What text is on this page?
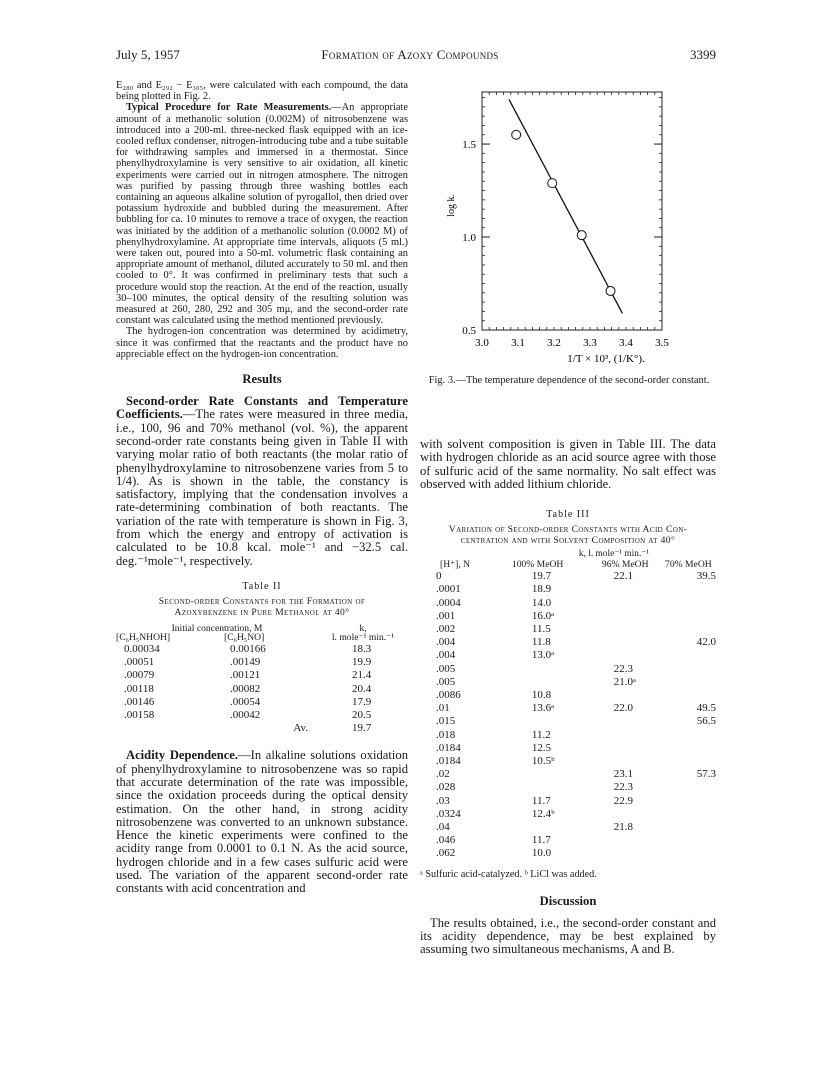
July 5, 1957	Formation of Azoxy Compounds	3399

E₂₈₀ and E₂₉₂ − E₃₀₅, were calculated with each compound, the data being plotted in Fig. 2.

Typical Procedure for Rate Measurements.—An appropriate amount of a methanolic solution (0.002M) of nitrosobenzene was introduced into a 200-ml. three-necked flask equipped with an ice-cooled reflux condenser, nitrogen-introducing tube and a tube suitable for withdrawing samples and immersed in a thermostat. Since phenylhydroxylamine is very sensitive to air oxidation, all kinetic experiments were carried out in nitrogen atmosphere. The nitrogen was purified by passing through three washing bottles each containing an aqueous alkaline solution of pyrogallol, then dried over potassium hydroxide and bubbled during the measurement. After bubbling for ca. 10 minutes to remove a trace of oxygen, the reaction was initiated by the addition of a methanolic solution (0.0002 M) of phenylhydroxylamine. At appropriate time intervals, aliquots (5 ml.) were taken out, poured into a 50-ml. volumetric flask containing an appropriate amount of methanol, diluted accurately to 50 ml. and then cooled to 0°. It was confirmed in preliminary tests that such a procedure would stop the reaction. At the end of the reaction, usually 30–100 minutes, the optical density of the resulting solution was measured at 260, 280, 292 and 305 mμ, and the second-order rate constant was calculated using the method mentioned previously.

The hydrogen-ion concentration was determined by acidimetry, since it was confirmed that the reactants and the product have no appreciable effect on the hydrogen-ion concentration.

Results

Second-order Rate Constants and Temperature Coefficients.—The rates were measured in three media, i.e., 100, 96 and 70% methanol (vol. %), the apparent second-order rate constants being given in Table II with varying molar ratio of both reactants (the molar ratio of phenylhydroxylamine to nitrosobenzene varies from 5 to 1/4). As is shown in the table, the constancy is satisfactory, implying that the condensation involves a rate-determining combination of both reactants. The variation of the rate with temperature is shown in Fig. 3, from which the energy and entropy of activation is calculated to be 10.8 kcal. mole⁻¹ and −32.5 cal. deg.⁻¹mole⁻¹, respectively.

Table II

Second-order Constants for the Formation of
Azoxybenzene in Pure Methanol at 40°

Initial concentration, M		k,
[C₆H₅NHOH]	[C₆H₅NO]	l. mole⁻¹ min.⁻¹
0.00034	0.00166	18.3
.00051	.00149	19.9
.00079	.00121	21.4
.00118	.00082	20.4
.00146	.00054	17.9
.00158	.00042	20.5
	Av.	19.7

Acidity Dependence.—In alkaline solutions oxidation of phenylhydroxylamine to nitrosobenzene was so rapid that accurate determination of the rate was impossible, since the oxidation proceeds during the optical density estimation. On the other hand, in strong acidity nitrosobenzene was converted to an unknown substance. Hence the kinetic experiments were confined to the acidity range from 0.0001 to 0.1 N. As the acid source, hydrogen chloride and in a few cases sulfuric acid were used. The variation of the apparent second-order rate constants with acid concentration and

0.5
1.0
1.5
3.0 3.1 3.2 3.3 3.4 3.5
log k.
1/T × 10³, (1/K°).

Fig. 3.—The temperature dependence of the second-order constant.

with solvent composition is given in Table III. The data with hydrogen chloride as an acid source agree with those of sulfuric acid of the same normality. No salt effect was observed with added lithium chloride.

Table III

Variation of Second-order Constants with Acid Con-
centration and with Solvent Composition at 40°

	k, l. mole⁻¹ min.⁻¹		
[H⁺], N	100% MeOH	96% MeOH	70% MeOH
0	19.7	22.1	39.5
.0001	18.9		
.0004	14.0		
.001	16.0ᵃ		
.002	11.5		
.004	11.8		42.0
.004	13.0ᵃ		
.005		22.3	
.005		21.0ᵃ	
.0086	10.8		
.01	13.6ᵃ	22.0	49.5
.015			56.5
.018	11.2		
.0184	12.5		
.0184	10.5ᵇ		
.02		23.1	57.3
.028		22.3	
.03	11.7	22.9	
.0324	12.4ᵇ		
.04		21.8	
.046	11.7		
.062	10.0		

ᵃ Sulfuric acid-catalyzed. ᵇ LiCl was added.

Discussion

The results obtained, i.e., the second-order constant and its acidity dependence, may be best explained by assuming two simultaneous mechanisms, A and B.
